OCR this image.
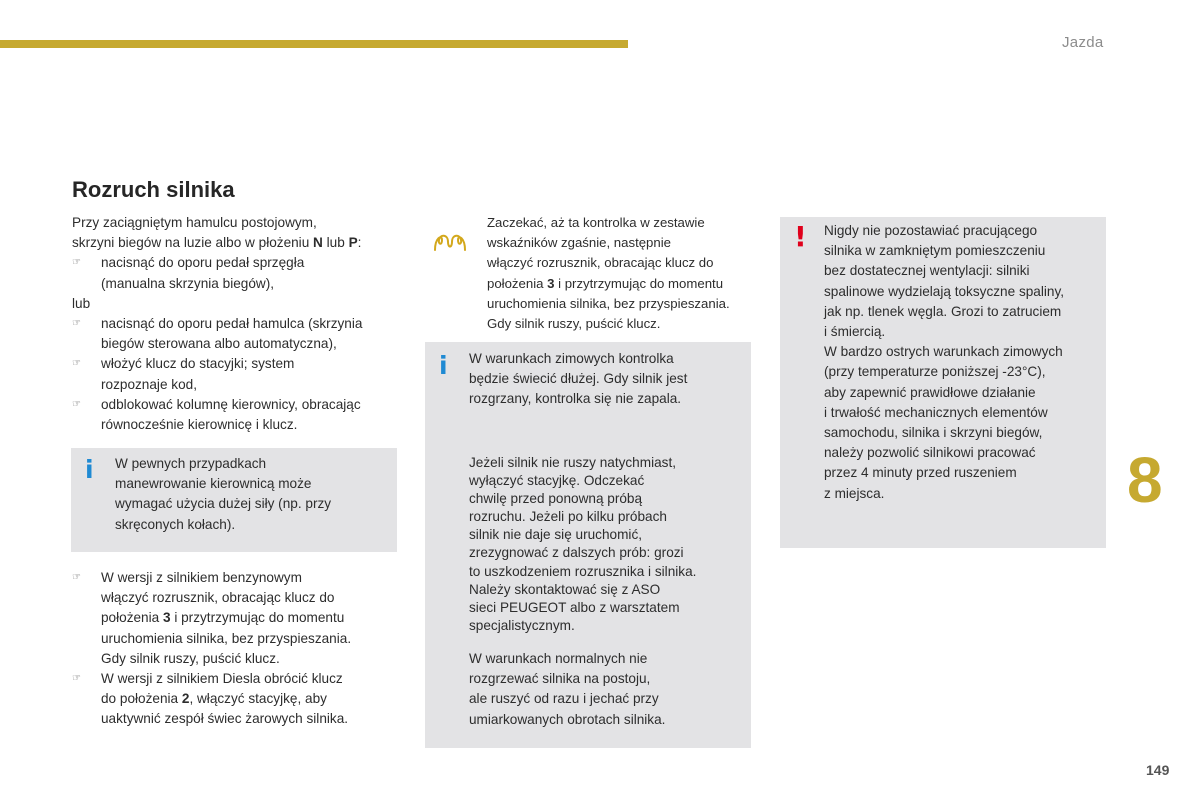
Jazda
Rozruch silnika

Przy zaciągniętym hamulcu postojowym,

skrzyni biegów na luzie albo w płożeniu N lub P:

☞ nacisnąć do oporu pedał sprzęgła

(manualna skrzynia biegów),

lub

☞ nacisnąć do oporu pedał hamulca (skrzynia

biegów sterowana albo automatyczna),

☞ włożyć klucz do stacyjki; system

rozpoznaje kod,

☞ odblokować kolumnę kierownicy, obracając

równocześnie kierownicę i klucz.

i W pewnych przypadkach

manewrowanie kierownicą może

wymagać użycia dużej siły (np. przy

skręconych kołach).

☞ W wersji z silnikiem benzynowym

włączyć rozrusznik, obracając klucz do

położenia 3 i przytrzymując do momentu

uruchomienia silnika, bez przyspieszania.

Gdy silnik ruszy, puścić klucz.

☞ W wersji z silnikiem Diesla obrócić klucz

do położenia 2, włączyć stacyjkę, aby

uaktywnić zespół świec żarowych silnika.

Zaczekać, aż ta kontrolka w zestawie

wskaźników zgaśnie, następnie

włączyć rozrusznik, obracając klucz do

położenia 3 i przytrzymując do momentu

uruchomienia silnika, bez przyspieszania.

Gdy silnik ruszy, puścić klucz.

i W warunkach zimowych kontrolka

będzie świecić dłużej. Gdy silnik jest

rozgrzany, kontrolka się nie zapala.

Jeżeli silnik nie ruszy natychmiast,

wyłączyć stacyjkę. Odczekać

chwilę przed ponowną próbą

rozruchu. Jeżeli po kilku próbach

silnik nie daje się uruchomić,

zrezygnować z dalszych prób: grozi

to uszkodzeniem rozrusznika i silnika.

Należy skontaktować się z ASO

sieci PEUGEOT albo z warsztatem

specjalistycznym.

W warunkach normalnych nie

rozgrzewać silnika na postoju,

ale ruszyć od razu i jechać przy

umiarkowanych obrotach silnika.

! Nigdy nie pozostawiać pracującego

silnika w zamkniętym pomieszczeniu

bez dostatecznej wentylacji: silniki

spalinowe wydzielają toksyczne spaliny,

jak np. tlenek węgla. Grozi to zatruciem

i śmiercią.

W bardzo ostrych warunkach zimowych

(przy temperaturze poniższej -23°C),

aby zapewnić prawidłowe działanie

i trwałość mechanicznych elementów

samochodu, silnika i skrzyni biegów,

należy pozwolić silnikowi pracować

przez 4 minuty przed ruszeniem

z miejsca.	8
149
